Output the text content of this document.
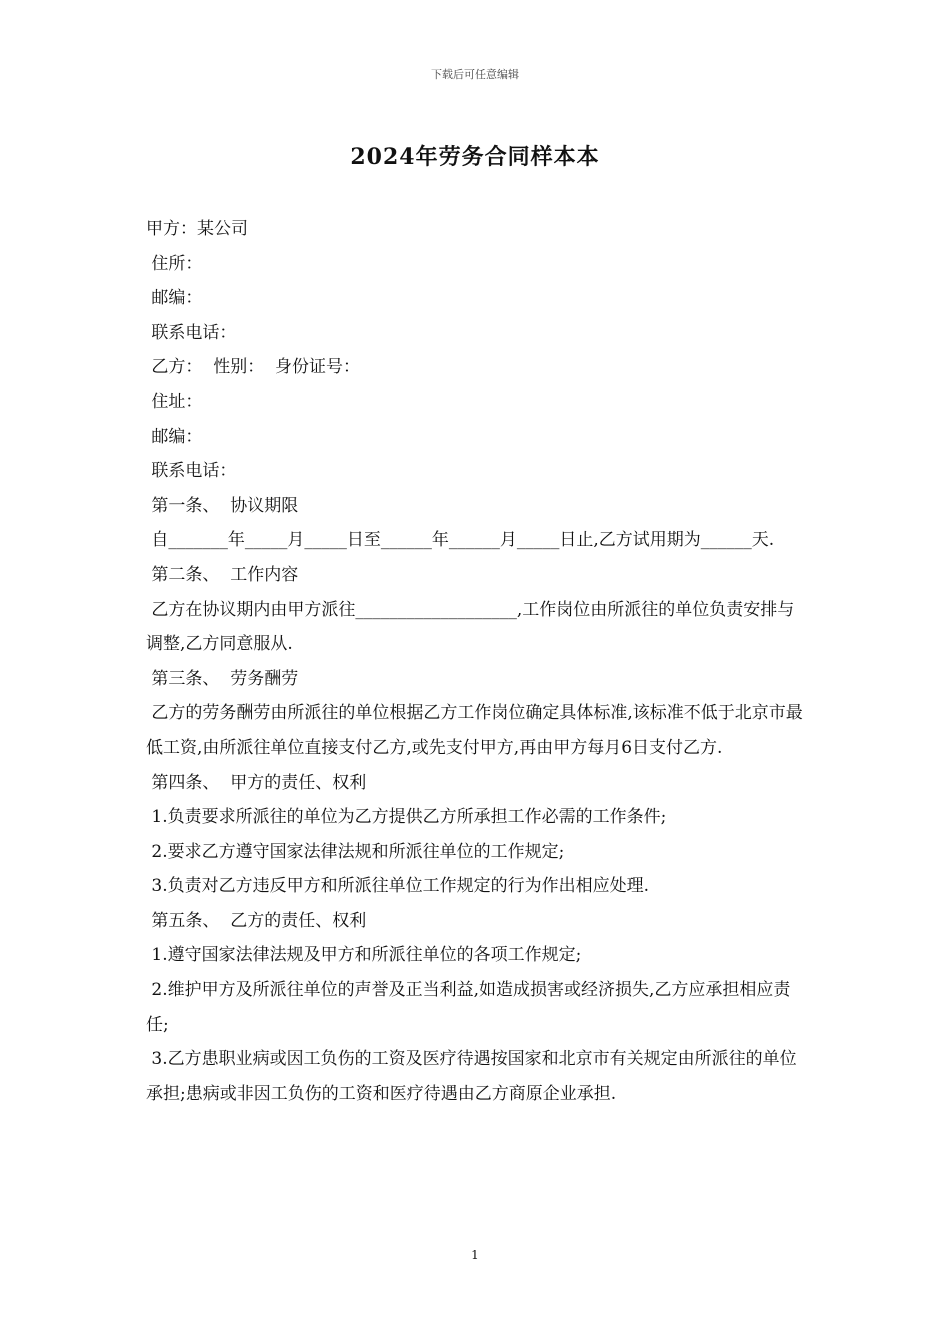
下载后可任意编辑
2024年劳务合同样本本

甲方：某公司

住所：

邮编：

联系电话：

乙方：  性别：  身份证号：

住址：

邮编：

联系电话：

第一条、  协议期限

自_______年_____月_____日至______年______月_____日止,乙方试用期为______天.

第二条、  工作内容

乙方在协议期内由甲方派往___________________,工作岗位由所派往的单位负责安排与调整,乙方同意服从.

第三条、  劳务酬劳

乙方的劳务酬劳由所派往的单位根据乙方工作岗位确定具体标准,该标准不低于北京市最低工资,由所派往单位直接支付乙方,或先支付甲方,再由甲方每月6日支付乙方.

第四条、  甲方的责任、权利

1.负责要求所派往的单位为乙方提供乙方所承担工作必需的工作条件;

2.要求乙方遵守国家法律法规和所派往单位的工作规定;

3.负责对乙方违反甲方和所派往单位工作规定的行为作出相应处理.

第五条、  乙方的责任、权利

1.遵守国家法律法规及甲方和所派往单位的各项工作规定;

2.维护甲方及所派往单位的声誉及正当利益,如造成损害或经济损失,乙方应承担相应责任;

3.乙方患职业病或因工负伤的工资及医疗待遇按国家和北京市有关规定由所派往的单位承担;患病或非因工负伤的工资和医疗待遇由乙方商原企业承担.

1
